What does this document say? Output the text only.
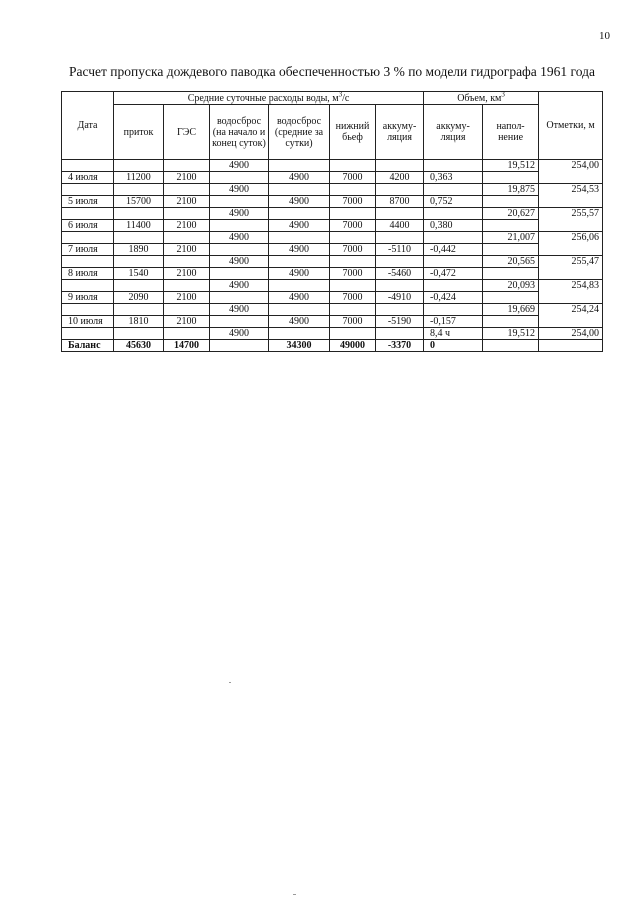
10
Расчет пропуска дождевого паводка обеспеченностью 3 % по модели гидрографа 1961 года
Дата	Средние суточные расходы воды, $м^3/с$						Объем, $км^3$		Отметки, м
	приток	ГЭС	водосброс (на начало и конец суток)	водосброс (средние за сутки)	нижний бьеф	аккуму-ляция	аккуму-ляция	напол-нение	
			4900					19,512	254,00
4 июля	11200	2100		4900	7000	4200	0,363		
			4900					19,875	254,53
5 июля	15700	2100		4900	7000	8700	0,752		
			4900					20,627	255,57
6 июля	11400	2100		4900	7000	4400	0,380		
			4900					21,007	256,06
7 июля	1890	2100		4900	7000	-5110	-0,442		
			4900					20,565	255,47
8 июля	1540	2100		4900	7000	-5460	-0,472		
			4900					20,093	254,83
9 июля	2090	2100		4900	7000	-4910	-0,424		
			4900					19,669	254,24
10 июля	1810	2100		4900	7000	-5190	-0,157		
			4900				8,4 ч	19,512	254,00
Баланс	45630	14700		34300	49000	-3370	0		
